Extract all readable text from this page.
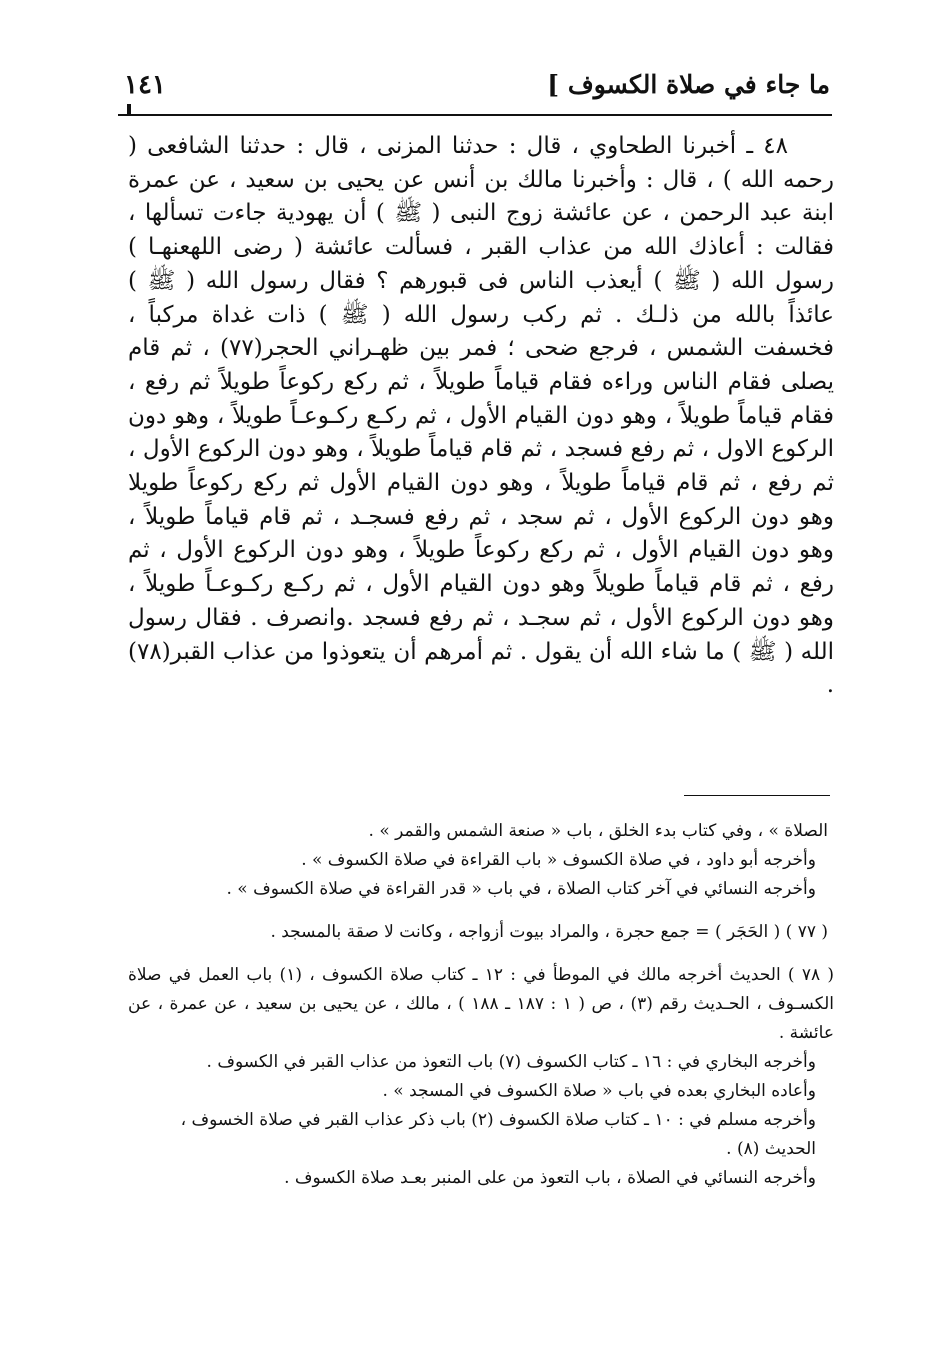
ما جاء في صلاة الكسوف ]
١٤١

٤٨ ـ أخبرنا الطحاوي ، قال : حدثنا المزنى ، قال : حدثنا الشافعى ( رحمه الله ) ، قال : وأخبرنا مالك بن أنس عن يحيى بن سعيد ، عن عمرة ابنة عبد الرحمن ، عن عائشة زوج النبى ( ﷺ ) أن يهودية جاءت تسألها ، فقالت : أعاذك الله من عذاب القبر ، فسألت عائشة ( رضى اللهعنهـا ) رسول الله ( ﷺ ) أيعذب الناس فى قبورهم ؟ فقال رسول الله ( ﷺ ) عائذاً بالله من ذلـك . ثم ركب رسول الله ( ﷺ ) ذات غداة مركباً ، فخسفت الشمس ، فرجع ضحى ؛ فمر بين ظهـراني الحجر(٧٧) ، ثم قام يصلى فقام الناس وراءه فقام قياماً طويلاً ، ثم ركع ركوعاً طويلاً ثم رفع ، فقام قياماً طويلاً ، وهو دون القيام الأول ، ثم ركـع ركـوعـاً طويلاً ، وهو دون الركوع الاول ، ثم رفع فسجد ، ثم قام قياماً طويلاً ، وهو دون الركوع الأول ، ثم رفع ، ثم قام قياماً طويلاً ، وهو دون القيام الأول ثم ركع ركوعاً طويلا وهو دون الركوع الأول ، ثم سجد ، ثم رفع فسجـد ، ثم قام قياماً طويلاً ، وهو دون القيام الأول ، ثم ركع ركوعاً طويلاً ، وهو دون الركوع الأول ، ثم رفع ، ثم قام قياماً طويلاً وهو دون القيام الأول ، ثم ركـع ركـوعـاً طويلاً ، وهو دون الركوع الأول ، ثم سجـد ، ثم رفع فسجد .وانصرف . فقال رسول الله ( ﷺ ) ما شاء الله أن يقول . ثم أمرهم أن يتعوذوا من عذاب القبر(٧٨) .

الصلاة » ، وفي كتاب بدء الخلق ، باب « صنعة الشمس والقمر » .

وأخرجه أبو داود ، في صلاة الكسوف « باب القراءة في صلاة الكسوف » .

وأخرجه النسائي في آخر كتاب الصلاة ، في باب « قدر القراءة في صلاة الكسوف » .

( ٧٧ ) ( الحَجَر ) = جمع حجرة ، والمراد بيوت أزواجه ، وكانت لا صقة بالمسجد .

( ٧٨ ) الحديث أخرجه مالك في الموطأ في : ١٢ ـ كتاب صلاة الكسوف ، (١) باب العمل في صلاة الكسـوف ، الحـديث رقم (٣) ، ص ( ١ : ١٨٧ ـ ١٨٨ ) ، مالك ، عن يحيى بن سعيد ، عن عمرة ، عن عائشة .

وأخرجه البخاري في : ١٦ ـ كتاب الكسوف (٧) باب التعوذ من عذاب القبر في الكسوف .

وأعاده البخاري بعده في باب « صلاة الكسوف في المسجد » .

وأخرجه مسلم في : ١٠ ـ كتاب صلاة الكسوف (٢) باب ذكر عذاب القبر في صلاة الخسوف ، الحديث (٨) .

وأخرجه النسائي في الصلاة ، باب التعوذ من على المنبر بعـد صلاة الكسوف .
